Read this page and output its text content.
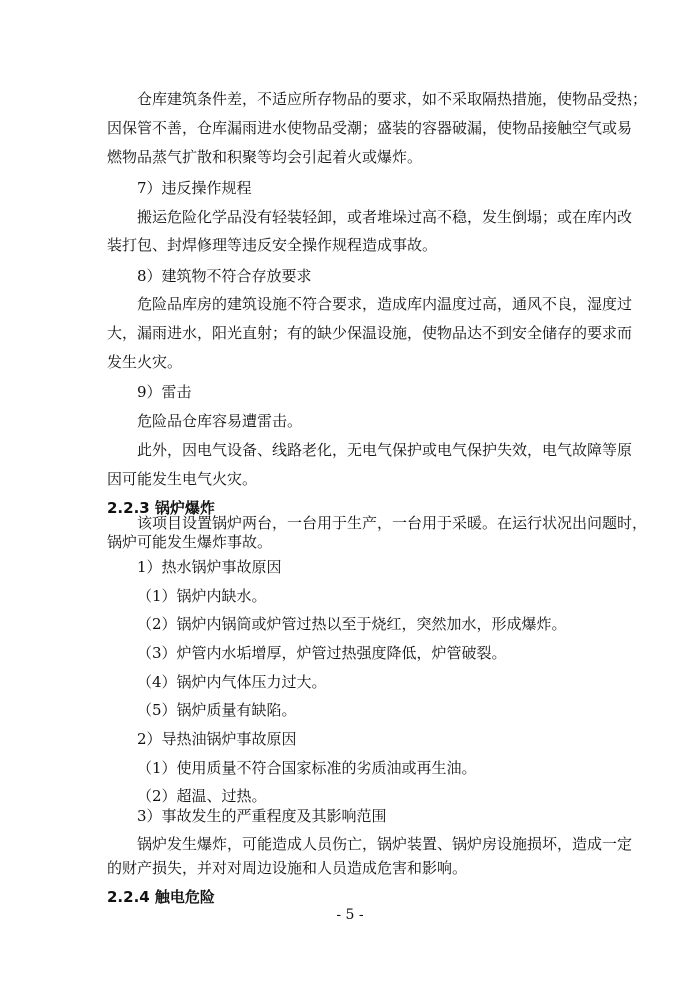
仓库建筑条件差，不适应所存物品的要求，如不采取隔热措施，使物品受热；
因保管不善，仓库漏雨进水使物品受潮；盛装的容器破漏，使物品接触空气或易
燃物品蒸气扩散和积聚等均会引起着火或爆炸。
7）违反操作规程
搬运危险化学品没有轻装轻卸，或者堆垛过高不稳，发生倒塌；或在库内改
装打包、封焊修理等违反安全操作规程造成事故。
8）建筑物不符合存放要求
危险品库房的建筑设施不符合要求，造成库内温度过高，通风不良，湿度过
大，漏雨进水，阳光直射；有的缺少保温设施，使物品达不到安全储存的要求而
发生火灾。
9）雷击
危险品仓库容易遭雷击。
此外，因电气设备、线路老化，无电气保护或电气保护失效，电气故障等原
因可能发生电气火灾。
2.2.3 锅炉爆炸
该项目设置锅炉两台，一台用于生产，一台用于采暖。在运行状况出问题时，
锅炉可能发生爆炸事故。
1）热水锅炉事故原因
（1）锅炉内缺水。
（2）锅炉内锅筒或炉管过热以至于烧红，突然加水，形成爆炸。
（3）炉管内水垢增厚，炉管过热强度降低，炉管破裂。
（4）锅炉内气体压力过大。
（5）锅炉质量有缺陷。
2）导热油锅炉事故原因
（1）使用质量不符合国家标准的劣质油或再生油。
（2）超温、过热。
3）事故发生的严重程度及其影响范围
锅炉发生爆炸，可能造成人员伤亡，锅炉装置、锅炉房设施损坏，造成一定
- 5 -
的财产损失，并对对周边设施和人员造成危害和影响。
2.2.4 触电危险
